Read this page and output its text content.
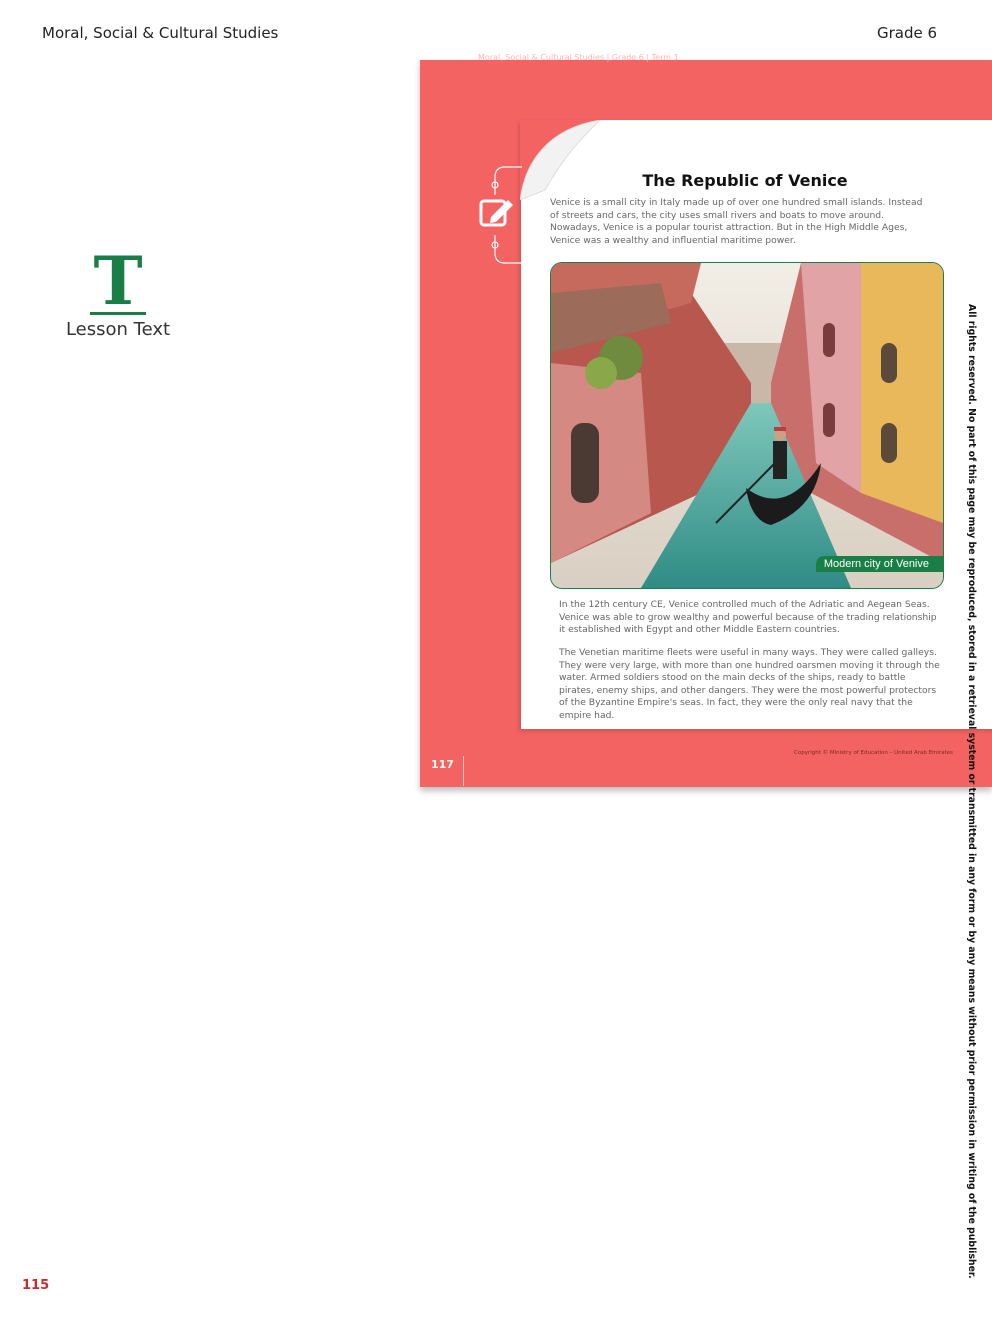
Moral, Social & Cultural Studies	Grade 6
T
Lesson Text
Moral, Social & Cultural Studies | Grade 6 | Term 1
The Republic of Venice
Venice is a small city in Italy made up of over one hundred small islands. Instead of streets and cars, the city uses small rivers and boats to move around. Nowadays, Venice is a popular tourist attraction. But in the High Middle Ages, Venice was a wealthy and influential maritime power.
Modern city of Venive
In the 12th century CE, Venice controlled much of the Adriatic and Aegean Seas. Venice was able to grow wealthy and powerful because of the trading relationship it established with Egypt and other Middle Eastern countries.
The Venetian maritime fleets were useful in many ways. They were called galleys. They were very large, with more than one hundred oarsmen moving it through the water. Armed soldiers stood on the main decks of the ships, ready to battle pirates, enemy ships, and other dangers. They were the most powerful protectors of the Byzantine Empire's seas. In fact, they were the only real navy that the empire had.
117
Copyright © Ministry of Education – United Arab Emirates All rights reserved. No part of this page may be reproduced, stored in a retrieval system or transmitted in any form or by any means without prior permission in writing of the publisher.
115
